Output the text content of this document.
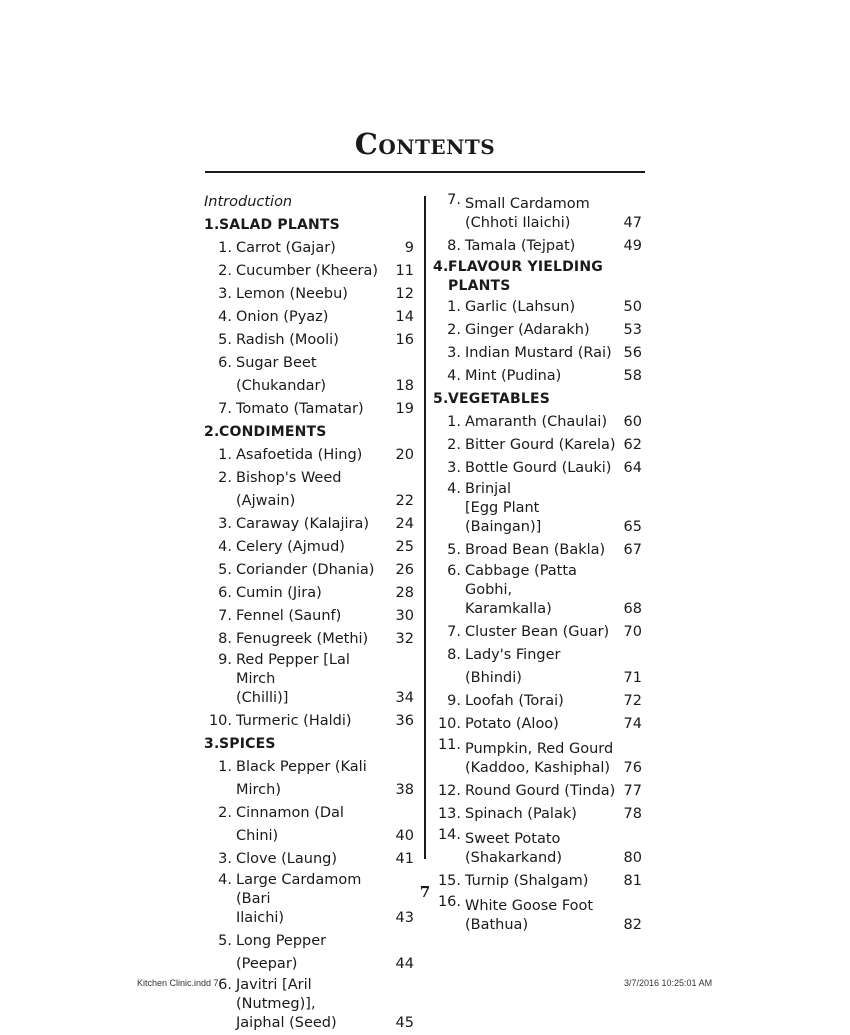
Contents
Introduction
1.SALAD PLANTS
1. Carrot (Gajar)	9
2. Cucumber (Kheera)	11
3. Lemon (Neebu)	12
4. Onion (Pyaz)	14
5. Radish (Mooli)	16
6. Sugar Beet (Chukandar)	18
7. Tomato (Tamatar)	19
2.CONDIMENTS
1. Asafoetida (Hing)	20
2. Bishop's Weed (Ajwain)	22
3. Caraway (Kalajira)	24
4. Celery (Ajmud)	25
5. Coriander (Dhania)	26
6. Cumin (Jira)	28
7. Fennel (Saunf)	30
8. Fenugreek (Methi)	32
9. Red Pepper [Lal Mirch
(Chilli)]	34
10. Turmeric (Haldi)	36
3.SPICES
1. Black Pepper (Kali Mirch)	38
2. Cinnamon (Dal Chini)	40
3. Clove (Laung)	41
4. Large Cardamom (Bari
Ilaichi)	43
5. Long Pepper (Peepar)	44
6. Javitri [Aril (Nutmeg)],
Jaiphal (Seed)	45
7. Small Cardamom
(Chhoti Ilaichi)	47
8. Tamala (Tejpat)	49
4.FLAVOUR YIELDING PLANTS
1. Garlic (Lahsun)	50
2. Ginger (Adarakh)	53
3. Indian Mustard (Rai) 56
4. Mint (Pudina)	58
5.VEGETABLES
1. Amaranth (Chaulai)	60
2. Bitter Gourd (Karela) 62
3. Bottle Gourd (Lauki) 64
4. Brinjal
[Egg Plant (Baingan)]	65
5. Broad Bean (Bakla)	67
6. Cabbage (Patta Gobhi,
Karamkalla)	68
7. Cluster Bean (Guar) 70
8. Lady's Finger (Bhindi)	71
9. Loofah (Torai)	72
10. Potato (Aloo)	74
11. Pumpkin, Red Gourd
(Kaddoo, Kashiphal) 76
12. Round Gourd (Tinda) 77
13. Spinach (Palak)	78
14. Sweet Potato
(Shakarkand)	80
15. Turnip (Shalgam)	81
16. White Goose Foot
(Bathua)	82
7
Kitchen Clinic.indd 7	3/7/2016 10:25:01 AM
